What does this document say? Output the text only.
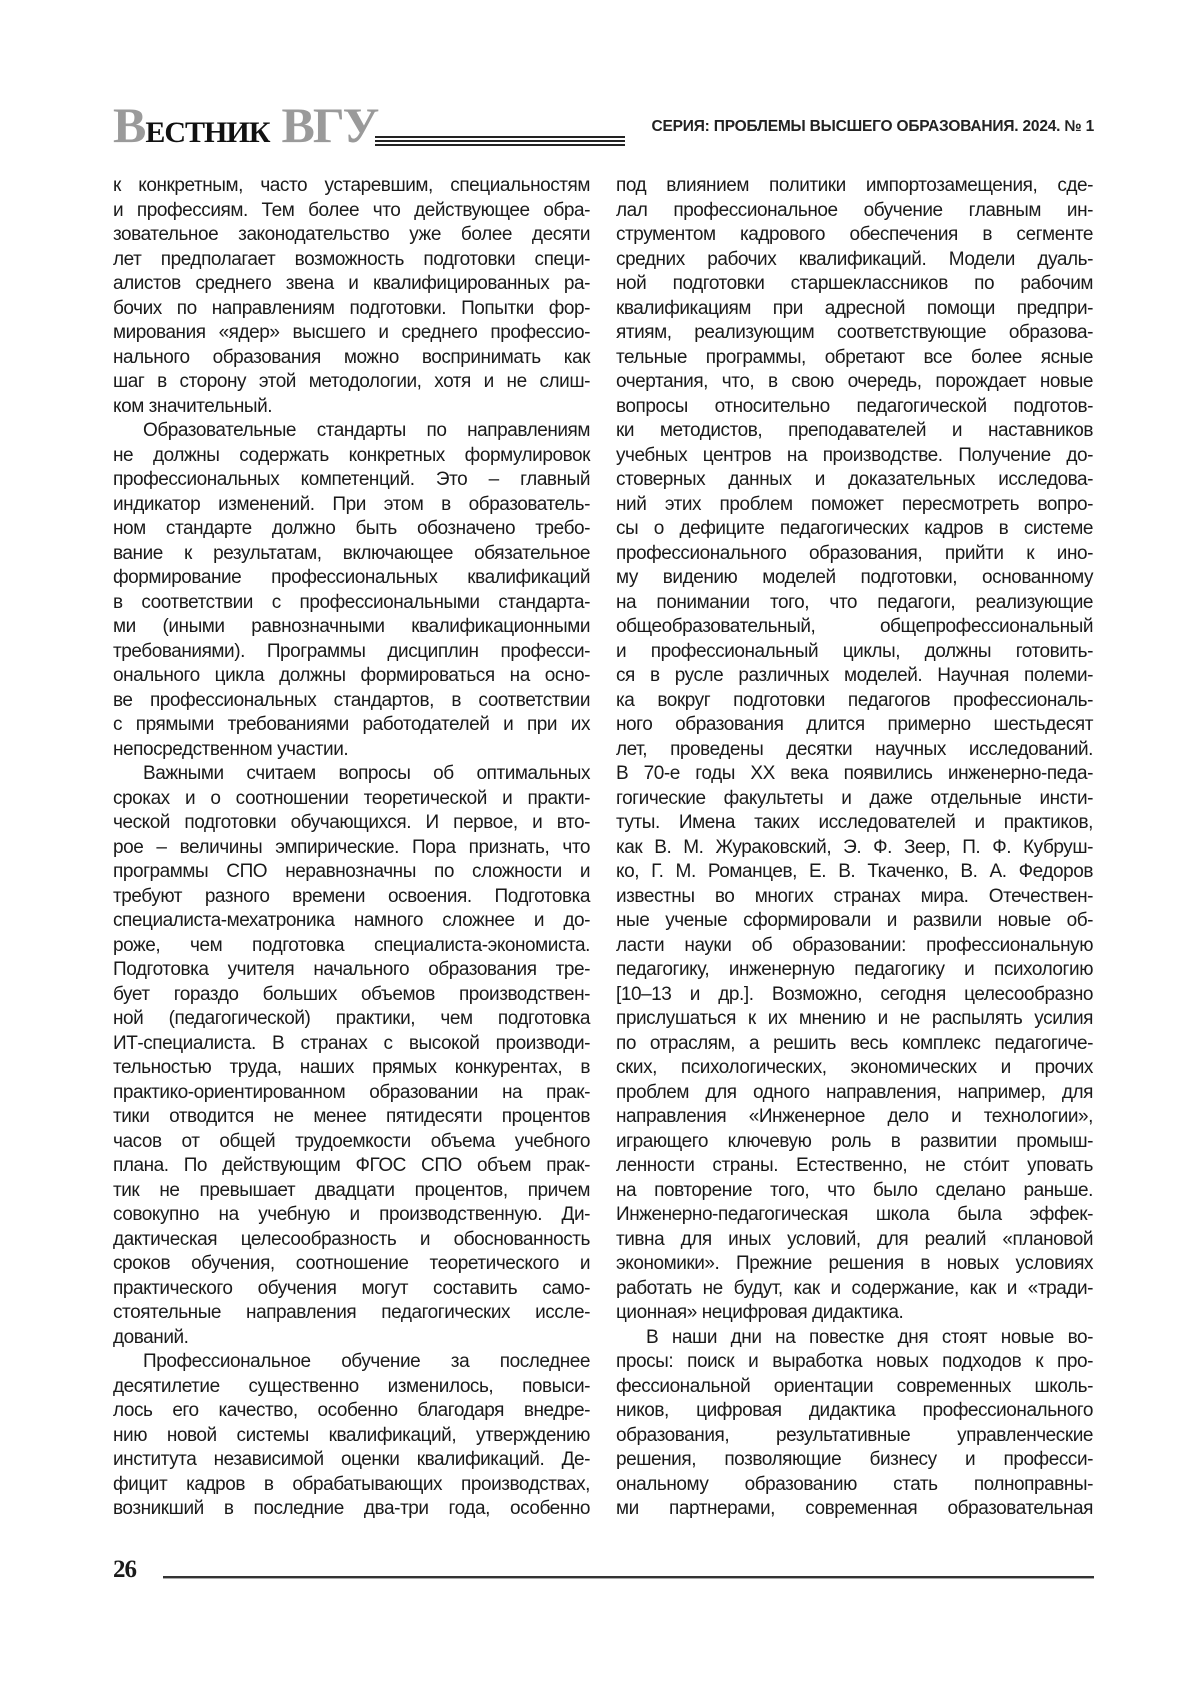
ВЕСТНИК ВГУ	СЕРИЯ: ПРОБЛЕМЫ ВЫСШЕГО ОБРАЗОВАНИЯ. 2024. № 1
к конкретным, часто устаревшим, специальностям
и профессиям. Тем более что действующее обра-
зовательное законодательство уже более десяти
лет предполагает возможность подготовки специ-
алистов среднего звена и квалифицированных ра-
бочих по направлениям подготовки. Попытки фор-
мирования «ядер» высшего и среднего профессио-
нального образования можно воспринимать как
шаг в сторону этой методологии, хотя и не слиш-
ком значительный.
Образовательные стандарты по направлениям
не должны содержать конкретных формулировок
профессиональных компетенций. Это – главный
индикатор изменений. При этом в образователь-
ном стандарте должно быть обозначено требо-
вание к результатам, включающее обязательное
формирование профессиональных квалификаций
в соответствии с профессиональными стандарта-
ми (иными равнозначными квалификационными
требованиями). Программы дисциплин професси-
онального цикла должны формироваться на осно-
ве профессиональных стандартов, в соответствии
с прямыми требованиями работодателей и при их
непосредственном участии.
Важными считаем вопросы об оптимальных
сроках и о соотношении теоретической и практи-
ческой подготовки обучающихся. И первое, и вто-
рое – величины эмпирические. Пора признать, что
программы СПО неравнозначны по сложности и
требуют разного времени освоения. Подготовка
специалиста-мехатроника намного сложнее и до-
роже, чем подготовка специалиста-экономиста.
Подготовка учителя начального образования тре-
бует гораздо больших объемов производствен-
ной (педагогической) практики, чем подготовка
ИТ-специалиста. В странах с высокой производи-
тельностью труда, наших прямых конкурентах, в
практико-ориентированном образовании на прак-
тики отводится не менее пятидесяти процентов
часов от общей трудоемкости объема учебного
плана. По действующим ФГОС СПО объем прак-
тик не превышает двадцати процентов, причем
совокупно на учебную и производственную. Ди-
дактическая целесообразность и обоснованность
сроков обучения, соотношение теоретического и
практического обучения могут составить само-
стоятельные направления педагогических иссле-
дований.
Профессиональное обучение за последнее
десятилетие существенно изменилось, повыси-
лось его качество, особенно благодаря внедре-
нию новой системы квалификаций, утверждению
института независимой оценки квалификаций. Де-
фицит кадров в обрабатывающих производствах,
возникший в последние два-три года, особенно
под влиянием политики импортозамещения, сде-
лал профессиональное обучение главным ин-
струментом кадрового обеспечения в сегменте
средних рабочих квалификаций. Модели дуаль-
ной подготовки старшеклассников по рабочим
квалификациям при адресной помощи предпри-
ятиям, реализующим соответствующие образова-
тельные программы, обретают все более ясные
очертания, что, в свою очередь, порождает новые
вопросы относительно педагогической подготов-
ки методистов, преподавателей и наставников
учебных центров на производстве. Получение до-
стоверных данных и доказательных исследова-
ний этих проблем поможет пересмотреть вопро-
сы о дефиците педагогических кадров в системе
профессионального образования, прийти к ино-
му видению моделей подготовки, основанному
на понимании того, что педагоги, реализующие
общеобразовательный, общепрофессиональный
и профессиональный циклы, должны готовить-
ся в русле различных моделей. Научная полеми-
ка вокруг подготовки педагогов профессиональ-
ного образования длится примерно шестьдесят
лет, проведены десятки научных исследований.
В 70-е годы XX века появились инженерно-педа-
гогические факультеты и даже отдельные инсти-
туты. Имена таких исследователей и практиков,
как В. М. Жураковский, Э. Ф. Зеер, П. Ф. Кубруш-
ко, Г. М. Романцев, Е. В. Ткаченко, В. А. Федоров
известны во многих странах мира. Отечествен-
ные ученые сформировали и развили новые об-
ласти науки об образовании: профессиональную
педагогику, инженерную педагогику и психологию
[10–13 и др.]. Возможно, сегодня целесообразно
прислушаться к их мнению и не распылять усилия
по отраслям, а решить весь комплекс педагогиче-
ских, психологических, экономических и прочих
проблем для одного направления, например, для
направления «Инженерное дело и технологии»,
играющего ключевую роль в развитии промыш-
ленности страны. Естественно, не стóит уповать
на повторение того, что было сделано раньше.
Инженерно-педагогическая школа была эффек-
тивна для иных условий, для реалий «плановой
экономики». Прежние решения в новых условиях
работать не будут, как и содержание, как и «тради-
ционная» нецифровая дидактика.
В наши дни на повестке дня стоят новые во-
просы: поиск и выработка новых подходов к про-
фессиональной ориентации современных школь-
ников, цифровая дидактика профессионального
образования, результативные управленческие
решения, позволяющие бизнесу и професси-
ональному образованию стать полноправны-
ми партнерами, современная образовательная
26
